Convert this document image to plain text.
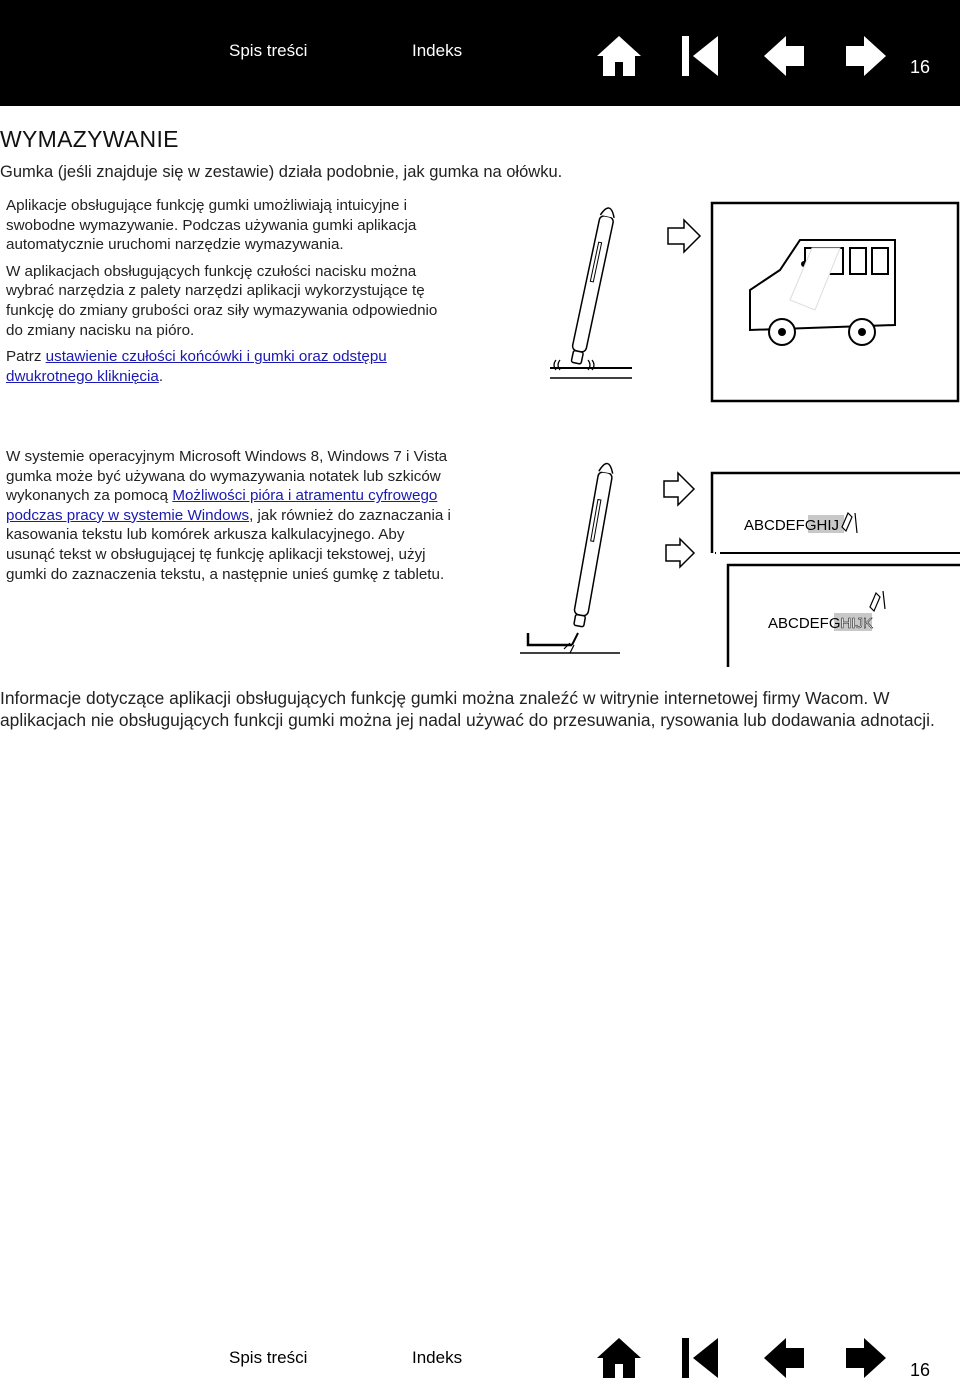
Spis treści	Indeks
16
WYMAZYWANIE
Gumka (jeśli znajduje się w zestawie) działa podobnie, jak gumka na ołówku.

Aplikacje obsługujące funkcję gumki umożliwiają intuicyjne i swobodne wymazywanie. Podczas używania gumki aplikacja automatycznie uruchomi narzędzie wymazywania.

W aplikacjach obsługujących funkcję czułości nacisku można wybrać narzędzia z palety narzędzi aplikacji wykorzystujące tę funkcję do zmiany grubości oraz siły wymazywania odpowiednio do zmiany nacisku na pióro.

Patrz ustawienie czułości końcówki i gumki oraz odstępu dwukrotnego kliknięcia.

W systemie operacyjnym Microsoft Windows 8, Windows 7 i Vista gumka może być używana do wymazywania notatek lub szkiców wykonanych za pomocą Możliwości pióra i atramentu cyfrowego podczas pracy w systemie Windows, jak również do zaznaczania i kasowania tekstu lub komórek arkusza kalkulacyjnego. Aby usunąć tekst w obsługującej tę funkcję aplikacji tekstowej, użyj gumki do zaznaczenia tekstu, a następnie unieś gumkę z tabletu.

ABCDEFGHIJ
ABCDEFGHIJK
Informacje dotyczące aplikacji obsługujących funkcję gumki można znaleźć w witrynie internetowej firmy Wacom. W aplikacjach nie obsługujących funkcji gumki można jej nadal używać do przesuwania, rysowania lub dodawania adnotacji.
Spis treści	Indeks
16
